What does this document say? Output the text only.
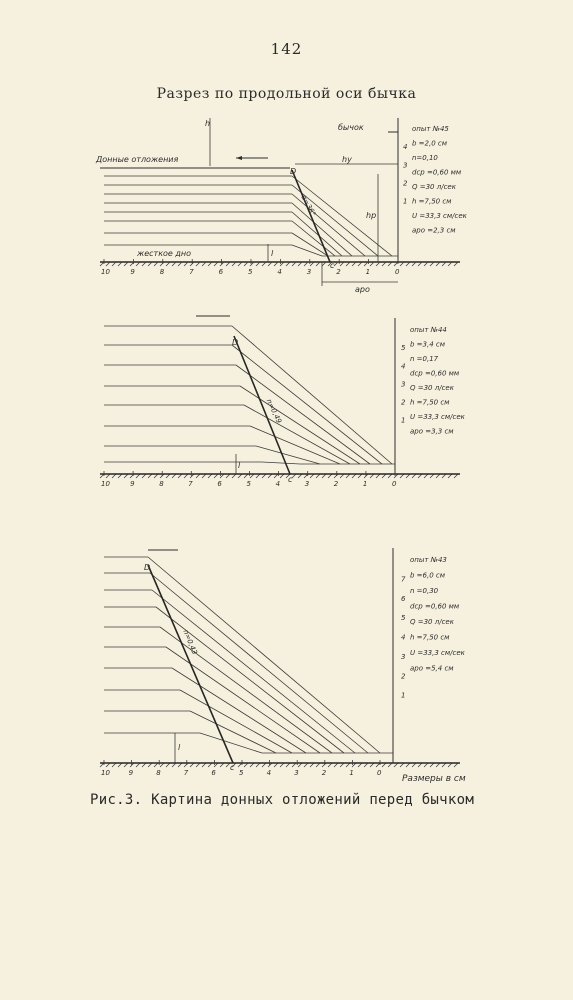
142
Разрез по продольной оси бычка
h
Донные отложения
бычок
hy
hp
жесткое дно	l
apo
D
c
α=36°
10	9	8	7	6	5	4	3	2	1	0
опыт №45
b =2,0 см
n=0,10
dcp =0,60 мм
Q =30 л/сек
h =7,50 см
U =33,3 см/сек
apo =2,3 см
4
3
2
1
D
l
c
n=0,49
10	9	8	7	6	5	4	3	2	1	0
опыт №44
b =3,4 см
n =0,17
dcp =0,60 мм
Q =30 л/сек
h =7,50 см
U =33,3 см/сек
apo =3,3 см
5
4
3
2
1
D
l
c
n=0,43
10	9	8	7	6	5	4	3	2	1	0
Размеры в см
опыт №43
b =6,0 см
n =0,30
dcp =0,60 мм
Q =30 л/сек
h =7,50 см
U =33,3 см/сек
apo =5,4 см
7
6
5
4
3
2
1
Рис.3. Картина донных отложений перед бычком
